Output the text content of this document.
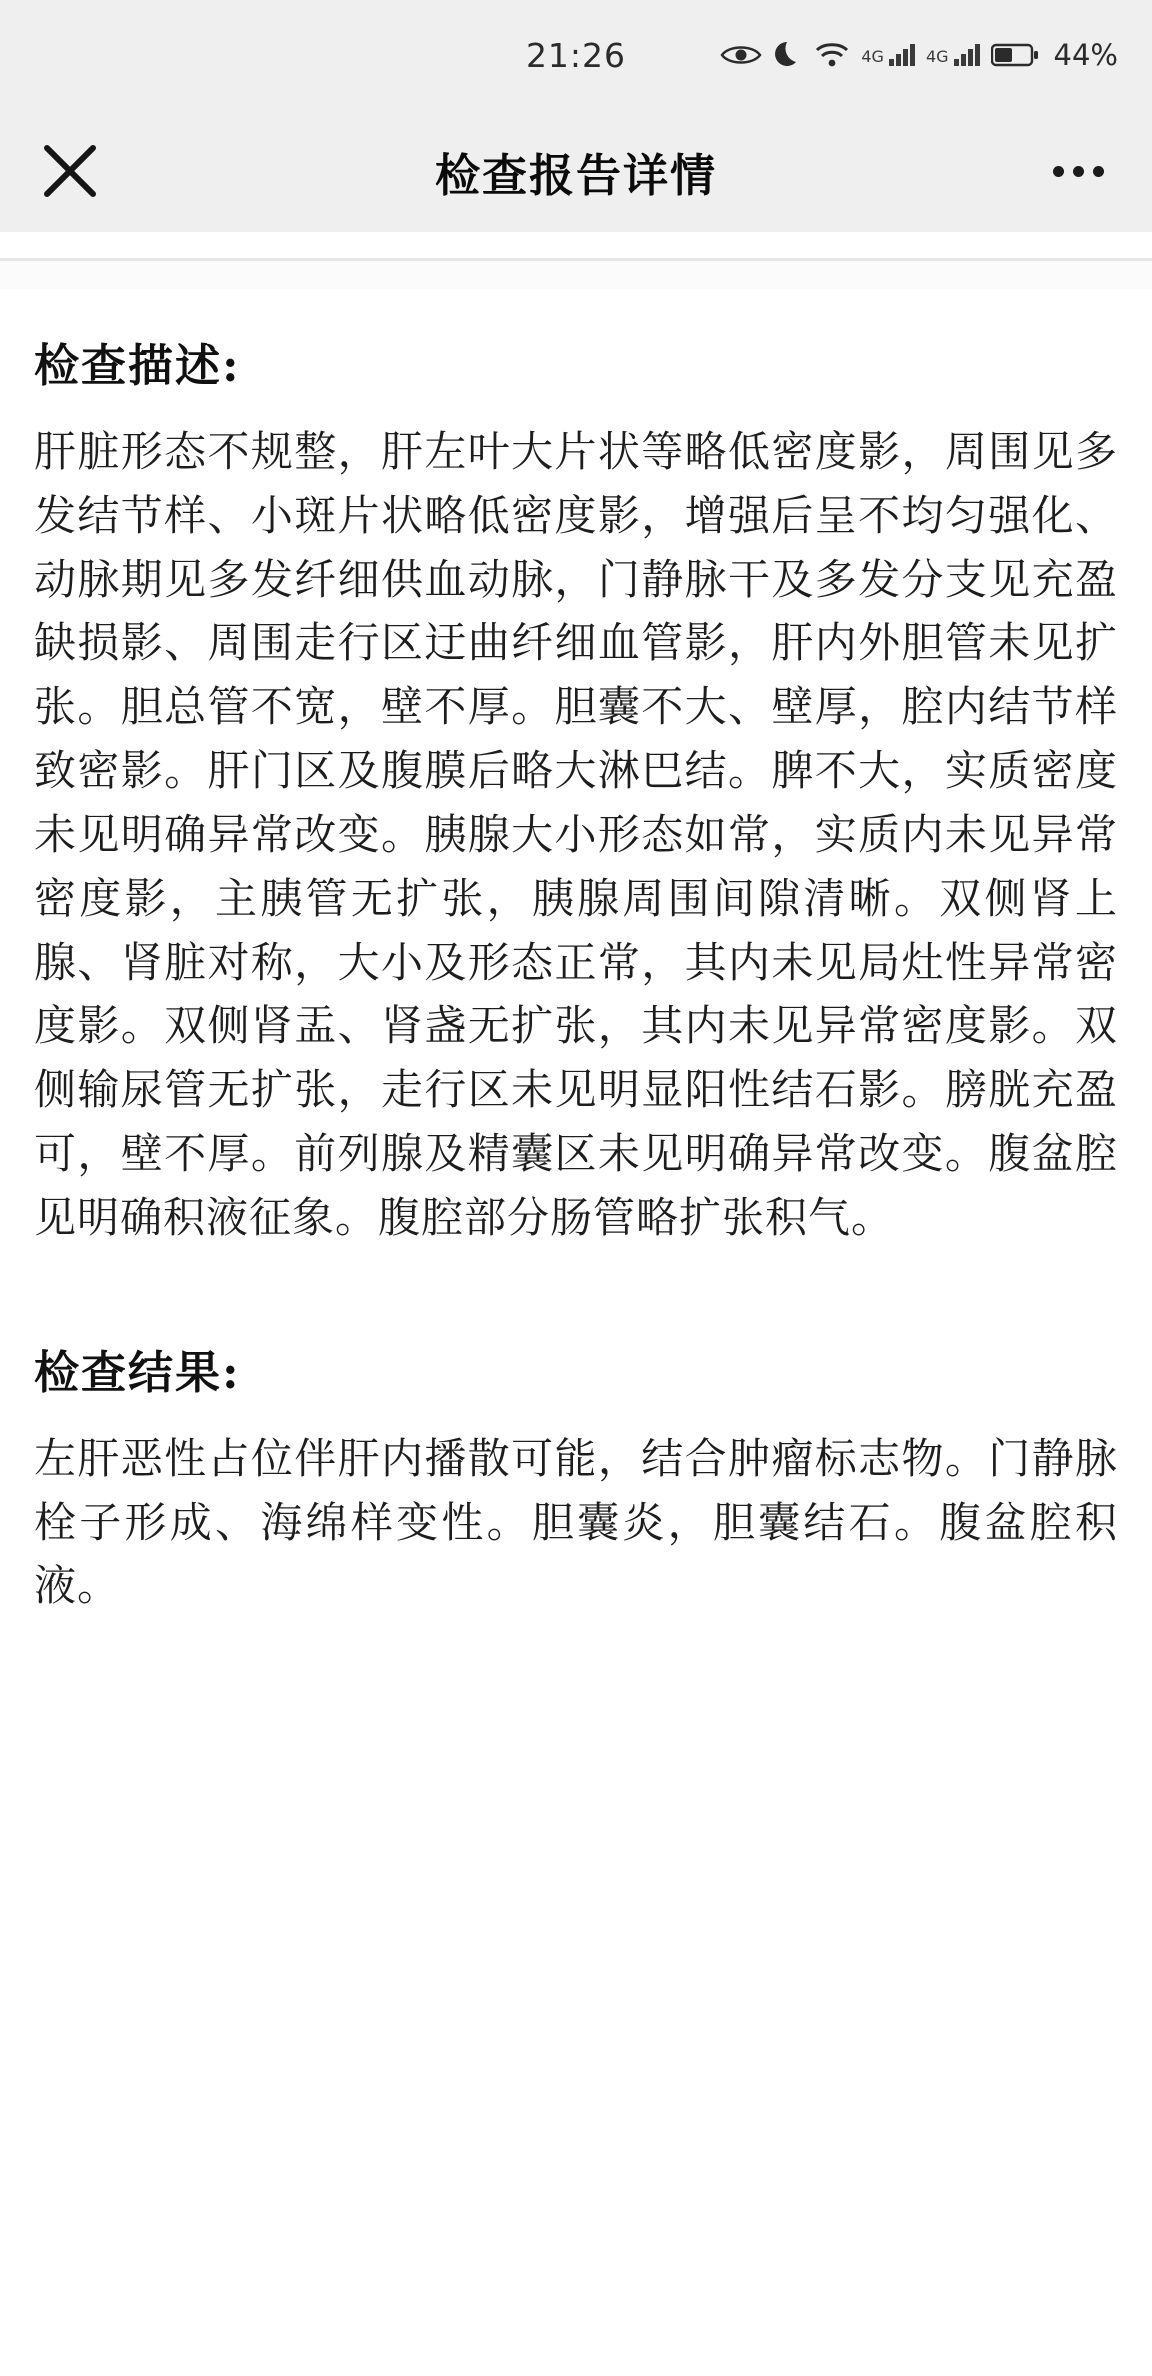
21:26	4G	4G	44%
检查报告详情
检查描述:
肝脏形态不规整，肝左叶大片状等略低密度影，周围见多发结节样、小斑片状略低密度影，增强后呈不均匀强化、动脉期见多发纤细供血动脉，门静脉干及多发分支见充盈缺损影、周围走行区迂曲纤细血管影，肝内外胆管未见扩张。胆总管不宽，壁不厚。胆囊不大、壁厚，腔内结节样致密影。肝门区及腹膜后略大淋巴结。脾不大，实质密度未见明确异常改变。胰腺大小形态如常，实质内未见异常密度影，主胰管无扩张，胰腺周围间隙清晰。双侧肾上腺、肾脏对称，大小及形态正常，其内未见局灶性异常密度影。双侧肾盂、肾盏无扩张，其内未见异常密度影。双侧输尿管无扩张，走行区未见明显阳性结石影。膀胱充盈可，壁不厚。前列腺及精囊区未见明确异常改变。腹盆腔见明确积液征象。腹腔部分肠管略扩张积气。
检查结果:
左肝恶性占位伴肝内播散可能，结合肿瘤标志物。门静脉栓子形成、海绵样变性。胆囊炎，胆囊结石。腹盆腔积液。
